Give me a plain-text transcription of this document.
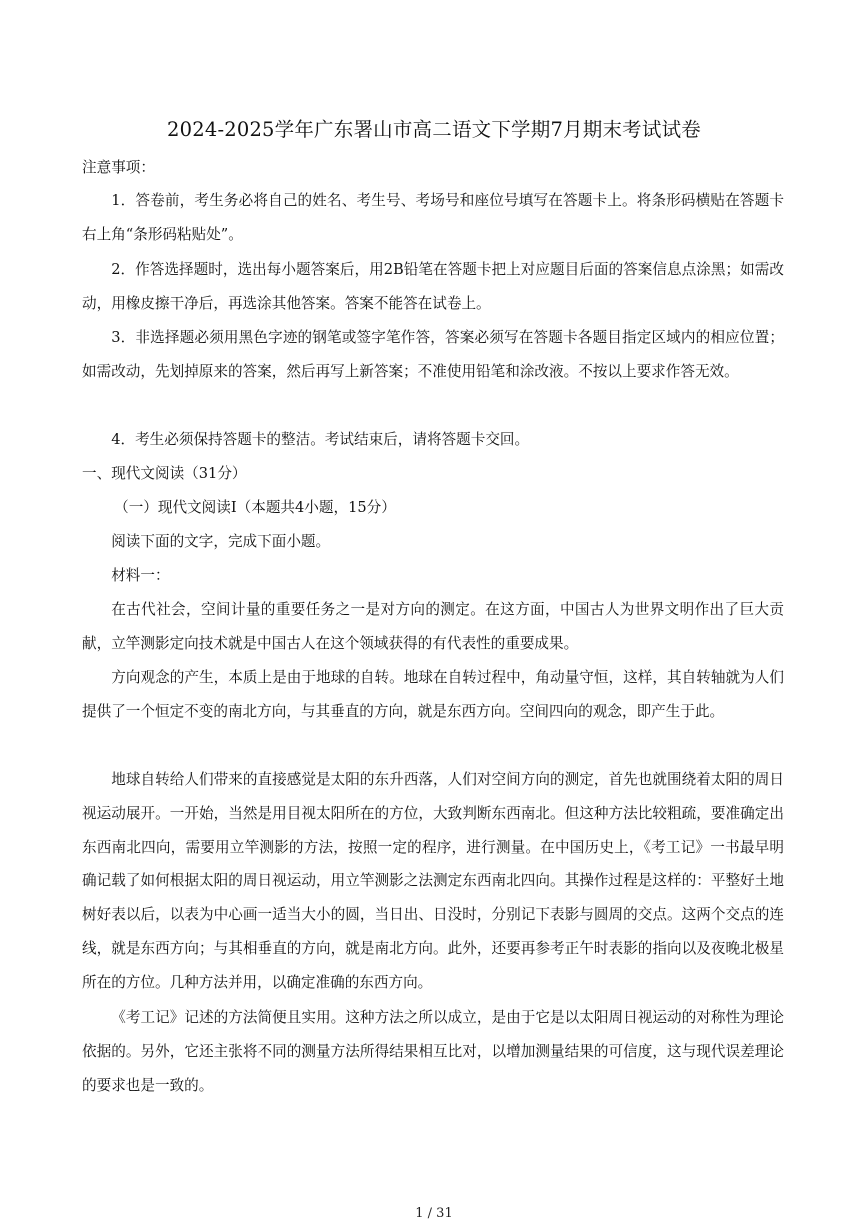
2024-2025学年广东署山市高二语文下学期7月期末考试试卷
注意事项：
1．答卷前，考生务必将自己的姓名、考生号、考场号和座位号填写在答题卡上。将条形码横贴在答题卡右上角“条形码粘贴处”。
2．作答选择题时，选出每小题答案后，用2B铅笔在答题卡把上对应题目后面的答案信息点涂黑；如需改动，用橡皮擦干净后，再选涂其他答案。答案不能答在试卷上。
3．非选择题必须用黑色字迹的钢笔或签字笔作答，答案必须写在答题卡各题目指定区域内的相应位置；如需改动，先划掉原来的答案，然后再写上新答案；不准使用铅笔和涂改液。不按以上要求作答无效。
4．考生必须保持答题卡的整洁。考试结束后，请将答题卡交回。
一、现代文阅读（31分）
（一）现代文阅读Ⅰ（本题共4小题，15分）
阅读下面的文字，完成下面小题。
材料一：
在古代社会，空间计量的重要任务之一是对方向的测定。在这方面，中国古人为世界文明作出了巨大贡献，立竿测影定向技术就是中国古人在这个领域获得的有代表性的重要成果。
方向观念的产生，本质上是由于地球的自转。地球在自转过程中，角动量守恒，这样，其自转轴就为人们提供了一个恒定不变的南北方向，与其垂直的方向，就是东西方向。空间四向的观念，即产生于此。
地球自转给人们带来的直接感觉是太阳的东升西落，人们对空间方向的测定，首先也就围绕着太阳的周日视运动展开。一开始，当然是用目视太阳所在的方位，大致判断东西南北。但这种方法比较粗疏，要准确定出东西南北四向，需要用立竿测影的方法，按照一定的程序，进行测量。在中国历史上，《考工记》一书最早明确记载了如何根据太阳的周日视运动，用立竿测影之法测定东西南北四向。其操作过程是这样的：平整好土地树好表以后，以表为中心画一适当大小的圆，当日出、日没时，分别记下表影与圆周的交点。这两个交点的连线，就是东西方向；与其相垂直的方向，就是南北方向。此外，还要再参考正午时表影的指向以及夜晚北极星所在的方位。几种方法并用，以确定准确的东西方向。
《考工记》记述的方法简便且实用。这种方法之所以成立，是由于它是以太阳周日视运动的对称性为理论依据的。另外，它还主张将不同的测量方法所得结果相互比对，以增加测量结果的可信度，这与现代误差理论的要求也是一致的。
1 / 31
